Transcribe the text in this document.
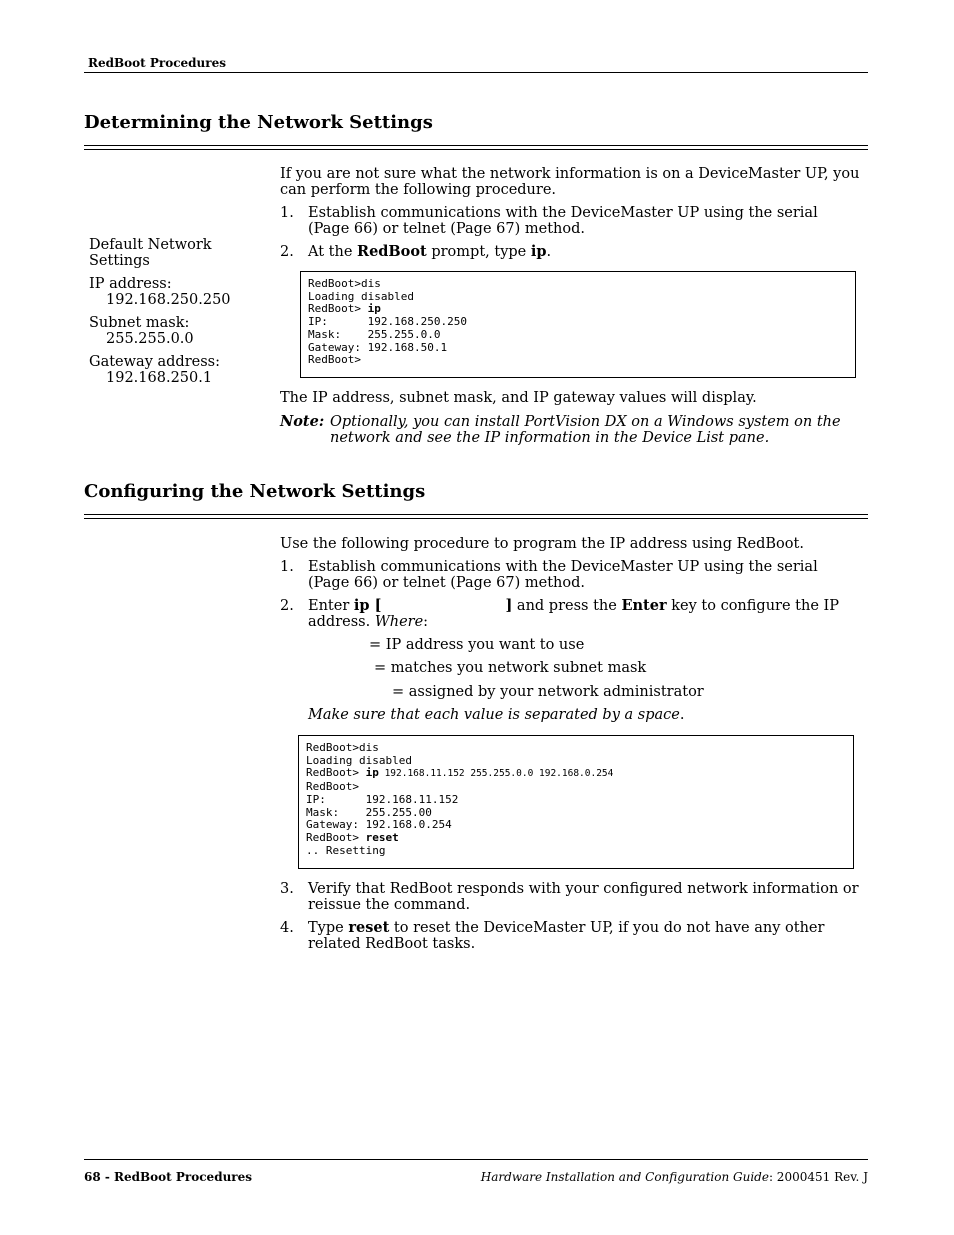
RedBoot Procedures
Determining the Network Settings
If you are not sure what the network information is on a DeviceMaster UP, you can perform the following procedure.
1. Establish communications with the DeviceMaster UP using the serial (Page 66) or telnet (Page 67) method.
2. At the RedBoot prompt, type ip.
Default Network Settings
IP address:
192.168.250.250
Subnet mask:
255.255.0.0
Gateway address:
192.168.250.1
RedBoot>dis
Loading disabled
RedBoot> ip
IP:      192.168.250.250
Mask:    255.255.0.0
Gateway: 192.168.50.1
RedBoot>
The IP address, subnet mask, and IP gateway values will display.
Note: Optionally, you can install PortVision DX on a Windows system on the network and see the IP information in the Device List pane.
Configuring the Network Settings
Use the following procedure to program the IP address using RedBoot.
1. Establish communications with the DeviceMaster UP using the serial (Page 66) or telnet (Page 67) method.
2. Enter ip [	] and press the Enter key to configure the IP address. Where:
= IP address you want to use
= matches you network subnet mask
= assigned by your network administrator
Make sure that each value is separated by a space.
RedBoot>dis
Loading disabled
RedBoot> ip 192.168.11.152 255.255.0.0 192.168.0.254
RedBoot>
IP:      192.168.11.152
Mask:    255.255.00
Gateway: 192.168.0.254
RedBoot> reset
.. Resetting
3. Verify that RedBoot responds with your configured network information or reissue the command.
4. Type reset to reset the DeviceMaster UP, if you do not have any other related RedBoot tasks.
68 - RedBoot Procedures	Hardware Installation and Configuration Guide: 2000451 Rev. J
